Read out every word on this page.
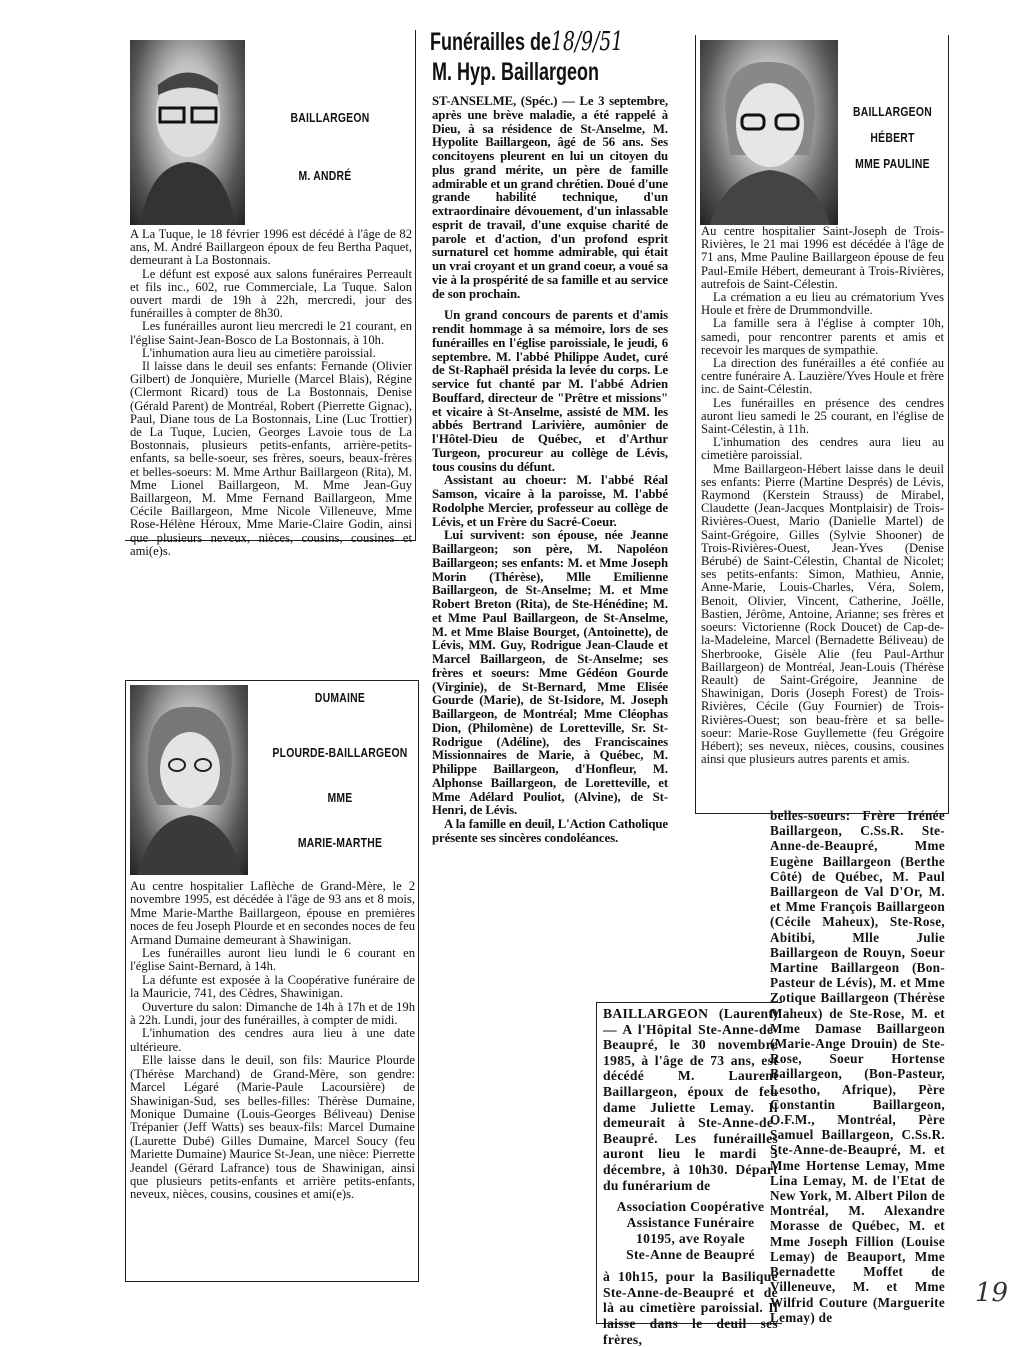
BAILLARGEON
M. ANDRÉ

A La Tuque, le 18 février 1996 est décédé à l'âge de 82 ans, M. André Baillargeon époux de feu Bertha Paquet, demeurant à La Bostonnais.

Le défunt est exposé aux salons funéraires Perreault et fils inc., 602, rue Commerciale, La Tuque. Salon ouvert mardi de 19h à 22h, mercredi, jour des funérailles à compter de 8h30.

Les funérailles auront lieu mercredi le 21 courant, en l'église Saint-Jean-Bosco de La Bostonnais, à 10h.

L'inhumation aura lieu au cimetière paroissial.

Il laisse dans le deuil ses enfants: Fernande (Olivier Gilbert) de Jonquière, Murielle (Marcel Blais), Régine (Clermont Ricard) tous de La Bostonnais, Denise (Gérald Parent) de Montréal, Robert (Pierrette Gignac), Paul, Diane tous de La Bostonnais, Line (Luc Trottier) de La Tuque, Lucien, Georges Lavoie tous de La Bostonnais, plusieurs petits-enfants, arrière-petits-enfants, sa belle-soeur, ses frères, soeurs, beaux-frères et belles-soeurs: M. Mme Arthur Baillargeon (Rita), M. Mme Lionel Baillargeon, M. Mme Jean-Guy Baillargeon, M. Mme Fernand Baillargeon, Mme Cécile Baillargeon, Mme Nicole Villeneuve, Mme Rose-Hélène Héroux, Mme Marie-Claire Godin, ainsi que plusieurs neveux, nièces, cousins, cousines et ami(e)s.

DUMAINE
PLOURDE-BAILLARGEON
MME
MARIE-MARTHE

Au centre hospitalier Laflèche de Grand-Mère, le 2 novembre 1995, est décédée à l'âge de 93 ans et 8 mois, Mme Marie-Marthe Baillargeon, épouse en premières noces de feu Joseph Plourde et en secondes noces de feu Armand Dumaine demeurant à Shawinigan.

Les funérailles auront lieu lundi le 6 courant en l'église Saint-Bernard, à 14h.

La défunte est exposée à la Coopérative funéraire de la Mauricie, 741, des Cèdres, Shawinigan.

Ouverture du salon: Dimanche de 14h à 17h et de 19h à 22h. Lundi, jour des funérailles, à compter de midi.

L'inhumation des cendres aura lieu à une date ultérieure.

Elle laisse dans le deuil, son fils: Maurice Plourde (Thérèse Marchand) de Grand-Mère, son gendre: Marcel Légaré (Marie-Paule Lacoursière) de Shawinigan-Sud, ses belles-filles: Thérèse Dumaine, Monique Dumaine (Louis-Georges Béliveau) Denise Trépanier (Jeff Watts) ses beaux-fils: Marcel Dumaine (Laurette Dubé) Gilles Dumaine, Marcel Soucy (feu Mariette Dumaine) Maurice St-Jean, une nièce: Pierrette Jeandel (Gérard Lafrance) tous de Shawinigan, ainsi que plusieurs petits-enfants et arrière petits-enfants, neveux, nièces, cousins, cousines et ami(e)s.

Funérailles de18/9/51
M. Hyp. Baillargeon

ST-ANSELME, (Spéc.) — Le 3 septembre, après une brève maladie, a été rappelé à Dieu, à sa résidence de St-Anselme, M. Hypolite Baillargeon, âgé de 56 ans. Ses concitoyens pleurent en lui un citoyen du plus grand mérite, un père de famille admirable et un grand chrétien. Doué d'une grande habilité technique, d'un extraordinaire dévouement, d'un inlassable esprit de travail, d'une exquise charité de parole et d'action, d'un profond esprit surnaturel cet homme admirable, qui était un vrai croyant et un grand coeur, a voué sa vie à la prospérité de sa famille et au service de son prochain.

Un grand concours de parents et d'amis rendit hommage à sa mémoire, lors de ses funérailles en l'église paroissiale, le jeudi, 6 septembre. M. l'abbé Philippe Audet, curé de St-Raphaël présida la levée du corps. Le service fut chanté par M. l'abbé Adrien Bouffard, directeur de "Prêtre et missions" et vicaire à St-Anselme, assisté de MM. les abbés Bertrand Larivière, aumônier de l'Hôtel-Dieu de Québec, et d'Arthur Turgeon, procureur au collège de Lévis, tous cousins du défunt.

Assistant au choeur: M. l'abbé Réal Samson, vicaire à la paroisse, M. l'abbé Rodolphe Mercier, professeur au collège de Lévis, et un Frère du Sacré-Coeur.

Lui survivent: son épouse, née Jeanne Baillargeon; son père, M. Napoléon Baillargeon; ses enfants: M. et Mme Joseph Morin (Thérèse), Mlle Emilienne Baillargeon, de St-Anselme; M. et Mme Robert Breton (Rita), de Ste-Hénédine; M. et Mme Paul Baillargeon, de St-Anselme, M. et Mme Blaise Bourget, (Antoinette), de Lévis, MM. Guy, Rodrigue Jean-Claude et Marcel Baillargeon, de St-Anselme; ses frères et soeurs: Mme Gédéon Gourde (Virginie), de St-Bernard, Mme Elisée Gourde (Marie), de St-Isidore, M. Joseph Baillargeon, de Montréal; Mme Cléophas Dion, (Philomène) de Loretteville, Sr. St-Rodrigue (Adéline), des Franciscaines Missionnaires de Marie, à Québec, M. Philippe Baillargeon, d'Honfleur, M. Alphonse Baillargeon, de Loretteville, et Mme Adélard Pouliot, (Alvine), de St-Henri, de Lévis.

A la famille en deuil, L'Action Catholique présente ses sincères condoléances.

BAILLARGEON
HÉBERT
MME PAULINE

Au centre hospitalier Saint-Joseph de Trois-Rivières, le 21 mai 1996 est décédée à l'âge de 71 ans, Mme Pauline Baillargeon épouse de feu Paul-Emile Hébert, demeurant à Trois-Rivières, autrefois de Saint-Célestin.

La crémation a eu lieu au crématorium Yves Houle et frère de Drummondville.

La famille sera à l'église à compter 10h, samedi, pour rencontrer parents et amis et recevoir les marques de sympathie.

La direction des funérailles a été confiée au centre funéraire A. Lauzière/Yves Houle et frère inc. de Saint-Célestin.

Les funérailles en présence des cendres auront lieu samedi le 25 courant, en l'église de Saint-Célestin, à 11h.

L'inhumation des cendres aura lieu au cimetière paroissial.

Mme Baillargeon-Hébert laisse dans le deuil ses enfants: Pierre (Martine Després) de Lévis, Raymond (Kerstein Strauss) de Mirabel, Claudette (Jean-Jacques Montplaisir) de Trois-Rivières-Ouest, Mario (Danielle Martel) de Saint-Grégoire, Gilles (Sylvie Shooner) de Trois-Rivières-Ouest, Jean-Yves (Denise Bérubé) de Saint-Célestin, Chantal de Nicolet; ses petits-enfants: Simon, Mathieu, Annie, Anne-Marie, Louis-Charles, Véra, Solem, Benoit, Olivier, Vincent, Catherine, Joëlle, Bastien, Jérôme, Antoine, Arianne; ses frères et soeurs: Victorienne (Rock Doucet) de Cap-de-la-Madeleine, Marcel (Bernadette Béliveau) de Sherbrooke, Gisèle Alie (feu Paul-Arthur Baillargeon) de Montréal, Jean-Louis (Thérèse Reault) de Saint-Grégoire, Jeannine de Shawinigan, Doris (Joseph Forest) de Trois-Rivières, Cécile (Guy Fournier) de Trois-Rivières-Ouest; son beau-frère et sa belle-soeur: Marie-Rose Guyllemette (feu Grégoire Hébert); ses neveux, nièces, cousins, cousines ainsi que plusieurs autres parents et amis.

BAILLARGEON (Laurent) — A l'Hôpital Ste-Anne-de-Beaupré, le 30 novembre 1985, à l'âge de 73 ans, est décédé M. Laurent Baillargeon, époux de feu dame Juliette Lemay. Il demeurait à Ste-Anne-de-Beaupré. Les funérailles auront lieu le mardi 3 décembre, à 10h30. Départ du funérarium de

Association Coopérative
Assistance Funéraire
10195, ave Royale
Ste-Anne de Beaupré

à 10h15, pour la Basilique Ste-Anne-de-Beaupré et de là au cimetière paroissial. Il laisse dans le deuil ses frères,

belles-soeurs: Frère Irénée Baillargeon, C.Ss.R. Ste-Anne-de-Beaupré, Mme Eugène Baillargeon (Berthe Côté) de Québec, M. Paul Baillargeon de Val D'Or, M. et Mme François Baillargeon (Cécile Maheux), Ste-Rose, Abitibi, Mlle Julie Baillargeon de Rouyn, Soeur Martine Baillargeon (Bon-Pasteur de Lévis), M. et Mme Zotique Baillargeon (Thérèse Maheux) de Ste-Rose, M. et Mme Damase Baillargeon (Marie-Ange Drouin) de Ste-Rose, Soeur Hortense Baillargeon, (Bon-Pasteur, Lesotho, Afrique), Père Constantin Baillargeon, O.F.M., Montréal, Père Samuel Baillargeon, C.Ss.R. Ste-Anne-de-Beaupré, M. et Mme Hortense Lemay, Mme Lina Lemay, M. de l'Etat de New York, M. Albert Pilon de Montréal, M. Alexandre Morasse de Québec, M. et Mme Joseph Fillion (Louise Lemay) de Beauport, Mme Bernadette Moffet de Villeneuve, M. et Mme Wilfrid Couture (Marguerite Lemay) de

19
